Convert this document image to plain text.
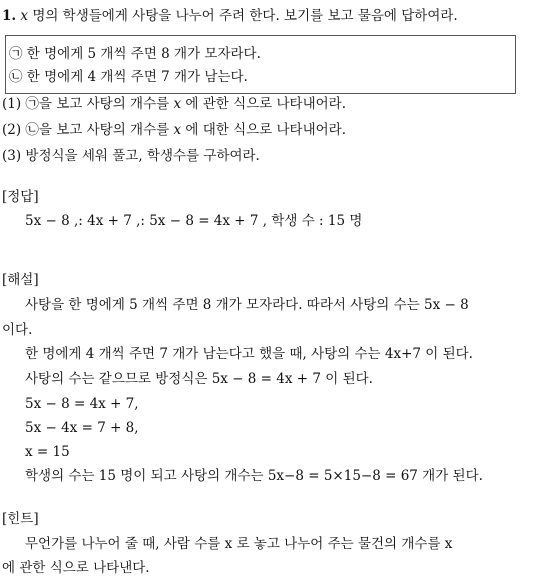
1. x 명의 학생들에게 사탕을 나누어 주려 한다. 보기를 보고 물음에 답하여라.
㉠ 한 명에게 5 개씩 주면 8 개가 모자라다.
㉡ 한 명에게 4 개씩 주면 7 개가 남는다.
(1) ㉠을 보고 사탕의 개수를 x 에 관한 식으로 나타내어라.
(2) ㉡을 보고 사탕의 개수를 x 에 대한 식으로 나타내어라.
(3) 방정식을 세워 풀고, 학생수를 구하여라.
[정답]
5x − 8 ,: 4x + 7 ,: 5x − 8 = 4x + 7 , 학생 수 : 15 명
[해설]
사탕을 한 명에게 5 개씩 주면 8 개가 모자라다. 따라서 사탕의 수는 5x − 8
이다.
한 명에게 4 개씩 주면 7 개가 남는다고 했을 때, 사탕의 수는 4x+7 이 된다.
사탕의 수는 같으므로 방정식은 5x − 8 = 4x + 7 이 된다.
5x − 8 = 4x + 7,
5x − 4x = 7 + 8,
x = 15
학생의 수는 15 명이 되고 사탕의 개수는 5x−8 = 5×15−8 = 67 개가 된다.
[힌트]
무언가를 나누어 줄 때, 사람 수를 x 로 놓고 나누어 주는 물건의 개수를 x
에 관한 식으로 나타낸다.
